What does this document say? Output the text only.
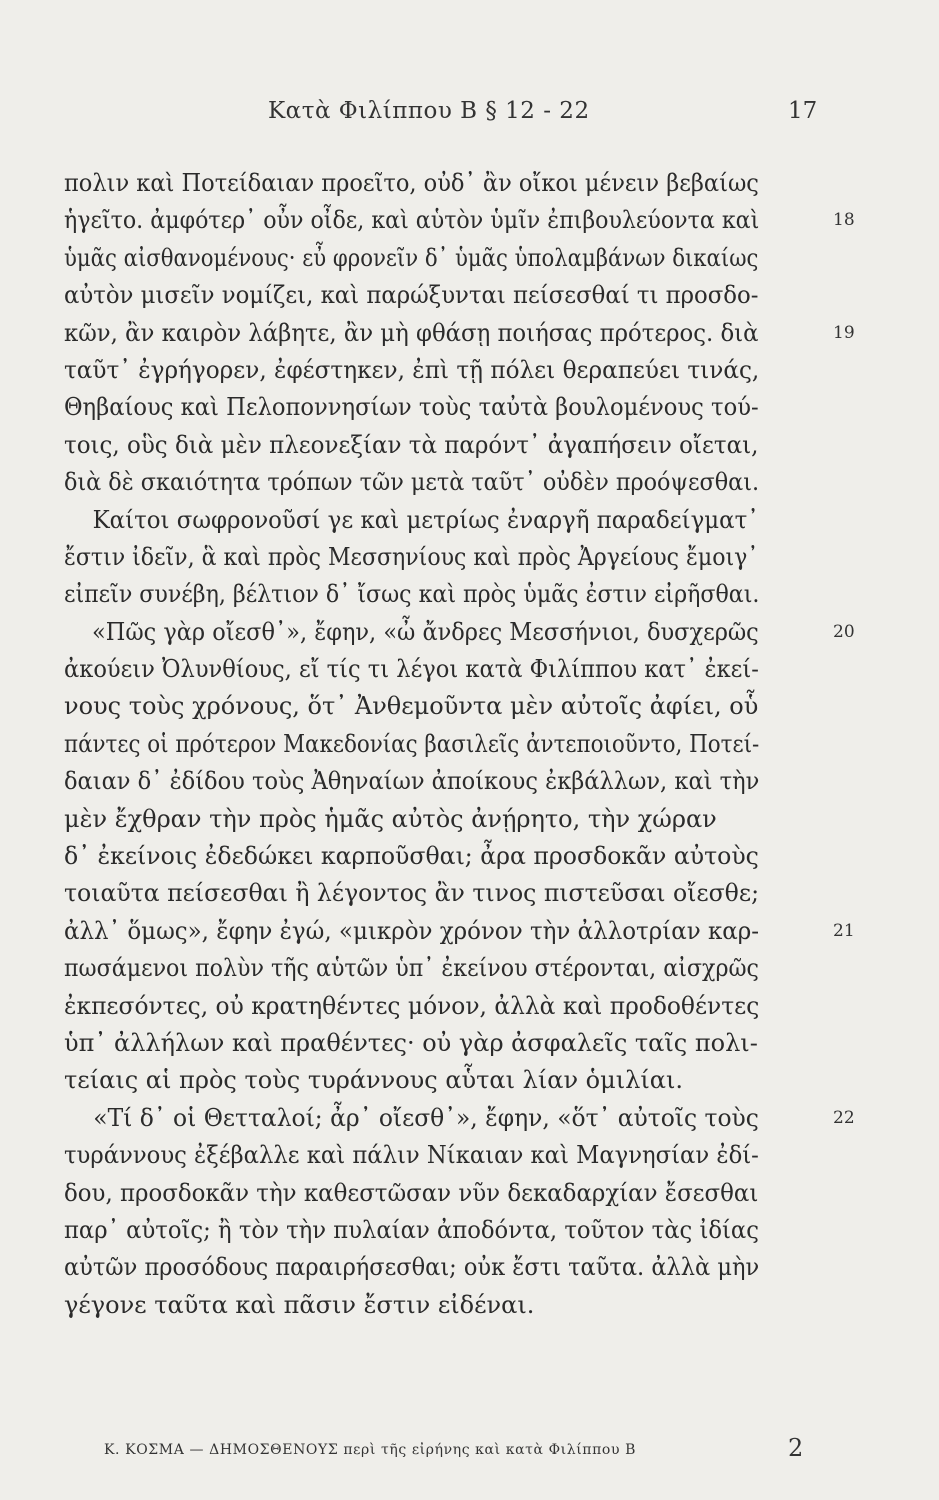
Κατὰ Φιλίππου Β § 12 - 22	17
πολιν καὶ Ποτείδαιαν προεῖτο, οὐδ᾽ ἂν οἴκοι μένειν βεβαίως
ἡγεῖτο. ἀμφότερ᾽ οὖν οἶδε, καὶ αὑτὸν ὑμῖν ἐπιβουλεύοντα καὶ	18
ὑμᾶς αἰσθανομένους· εὖ φρονεῖν δ᾽ ὑμᾶς ὑπολαμβάνων δικαίως
αὐτὸν μισεῖν νομίζει, καὶ παρώξυνται πείσεσθαί τι προσδο-
κῶν, ἂν καιρὸν λάβητε, ἂν μὴ φθάσῃ ποιήσας πρότερος. διὰ	19
ταῦτ᾽ ἐγρήγορεν, ἐφέστηκεν, ἐπὶ τῇ πόλει θεραπεύει τινάς,
Θηβαίους καὶ Πελοποννησίων τοὺς ταὐτὰ βουλομένους τού-
τοις, οὓς διὰ μὲν πλεονεξίαν τὰ παρόντ᾽ ἀγαπήσειν οἴεται,
διὰ δὲ σκαιότητα τρόπων τῶν μετὰ ταῦτ᾽ οὐδὲν προόψεσθαι.
Καίτοι σωφρονοῦσί γε καὶ μετρίως ἐναργῆ παραδείγματ᾽
ἔστιν ἰδεῖν, ἃ καὶ πρὸς Μεσσηνίους καὶ πρὸς Ἀργείους ἔμοιγ᾽
εἰπεῖν συνέβη, βέλτιον δ᾽ ἴσως καὶ πρὸς ὑμᾶς ἐστιν εἰρῆσθαι.
«Πῶς γὰρ οἴεσθ᾽», ἔφην, «ὦ ἄνδρες Μεσσήνιοι, δυσχερῶς	20
ἀκούειν Ὀλυνθίους, εἴ τίς τι λέγοι κατὰ Φιλίππου κατ᾽ ἐκεί-
νους τοὺς χρόνους, ὅτ᾽ Ἀνθεμοῦντα μὲν αὐτοῖς ἀφίει, οὗ
πάντες οἱ πρότερον Μακεδονίας βασιλεῖς ἀντεποιοῦντο, Ποτεί-
δαιαν δ᾽ ἐδίδου τοὺς Ἀθηναίων ἀποίκους ἐκβάλλων, καὶ τὴν
μὲν ἔχθραν τὴν πρὸς ἡμᾶς αὐτὸς ἀνῄρητο, τὴν χώραν
δ᾽ ἐκείνοις ἐδεδώκει καρποῦσθαι; ἆρα προσδοκᾶν αὐτοὺς
τοιαῦτα πείσεσθαι ἢ λέγοντος ἂν τινος πιστεῦσαι οἴεσθε;
ἀλλ᾽ ὅμως», ἔφην ἐγώ, «μικρὸν χρόνον τὴν ἀλλοτρίαν καρ-	21
πωσάμενοι πολὺν τῆς αὑτῶν ὑπ᾽ ἐκείνου στέρονται, αἰσχρῶς
ἐκπεσόντες, οὐ κρατηθέντες μόνον, ἀλλὰ καὶ προδοθέντες
ὑπ᾽ ἀλλήλων καὶ πραθέντες· οὐ γὰρ ἀσφαλεῖς ταῖς πολι-
τείαις αἱ πρὸς τοὺς τυράννους αὗται λίαν ὁμιλίαι.
«Τί δ᾽ οἱ Θετταλοί; ἆρ᾽ οἴεσθ᾽», ἔφην, «ὅτ᾽ αὐτοῖς τοὺς	22
τυράννους ἐξέβαλλε καὶ πάλιν Νίκαιαν καὶ Μαγνησίαν ἐδί-
δου, προσδοκᾶν τὴν καθεστῶσαν νῦν δεκαδαρχίαν ἔσεσθαι
παρ᾽ αὐτοῖς; ἢ τὸν τὴν πυλαίαν ἀποδόντα, τοῦτον τὰς ἰδίας
αὐτῶν προσόδους παραιρήσεσθαι; οὐκ ἔστι ταῦτα. ἀλλὰ μὴν
γέγονε ταῦτα καὶ πᾶσιν ἔστιν εἰδέναι.
Κ. ΚΟΣΜΑ — ΔΗΜΟΣΘΕΝΟΥΣ περὶ τῆς εἰρήνης καὶ κατὰ Φιλίππου Β	2
